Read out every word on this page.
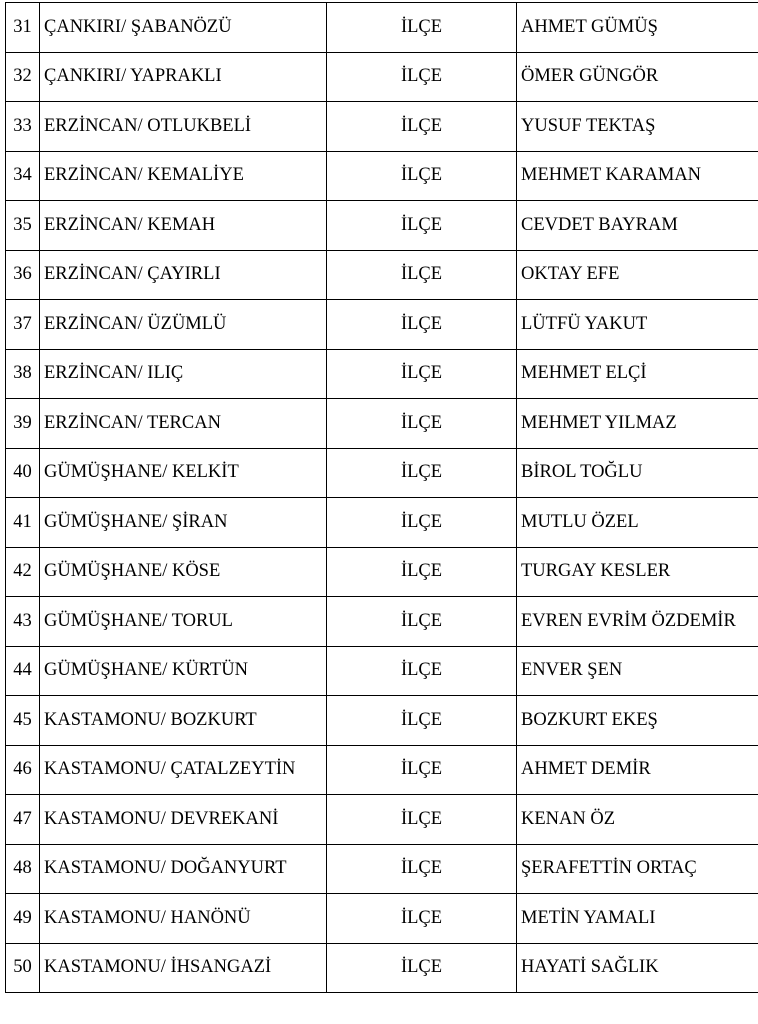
31	ÇANKIRI/ ŞABANÖZÜ	İLÇE	AHMET GÜMÜŞ
32	ÇANKIRI/ YAPRAKLI	İLÇE	ÖMER GÜNGÖR
33	ERZİNCAN/ OTLUKBELİ	İLÇE	YUSUF TEKTAŞ
34	ERZİNCAN/ KEMALİYE	İLÇE	MEHMET KARAMAN
35	ERZİNCAN/ KEMAH	İLÇE	CEVDET BAYRAM
36	ERZİNCAN/ ÇAYIRLI	İLÇE	OKTAY EFE
37	ERZİNCAN/ ÜZÜMLÜ	İLÇE	LÜTFÜ YAKUT
38	ERZİNCAN/ ILIÇ	İLÇE	MEHMET ELÇİ
39	ERZİNCAN/ TERCAN	İLÇE	MEHMET YILMAZ
40	GÜMÜŞHANE/ KELKİT	İLÇE	BİROL TOĞLU
41	GÜMÜŞHANE/ ŞİRAN	İLÇE	MUTLU ÖZEL
42	GÜMÜŞHANE/ KÖSE	İLÇE	TURGAY KESLER
43	GÜMÜŞHANE/ TORUL	İLÇE	EVREN EVRİM ÖZDEMİR
44	GÜMÜŞHANE/ KÜRTÜN	İLÇE	ENVER ŞEN
45	KASTAMONU/ BOZKURT	İLÇE	BOZKURT EKEŞ
46	KASTAMONU/ ÇATALZEYTİN	İLÇE	AHMET DEMİR
47	KASTAMONU/ DEVREKANİ	İLÇE	KENAN ÖZ
48	KASTAMONU/ DOĞANYURT	İLÇE	ŞERAFETTİN ORTAÇ
49	KASTAMONU/ HANÖNÜ	İLÇE	METİN YAMALI
50	KASTAMONU/ İHSANGAZİ	İLÇE	HAYATİ SAĞLIK
